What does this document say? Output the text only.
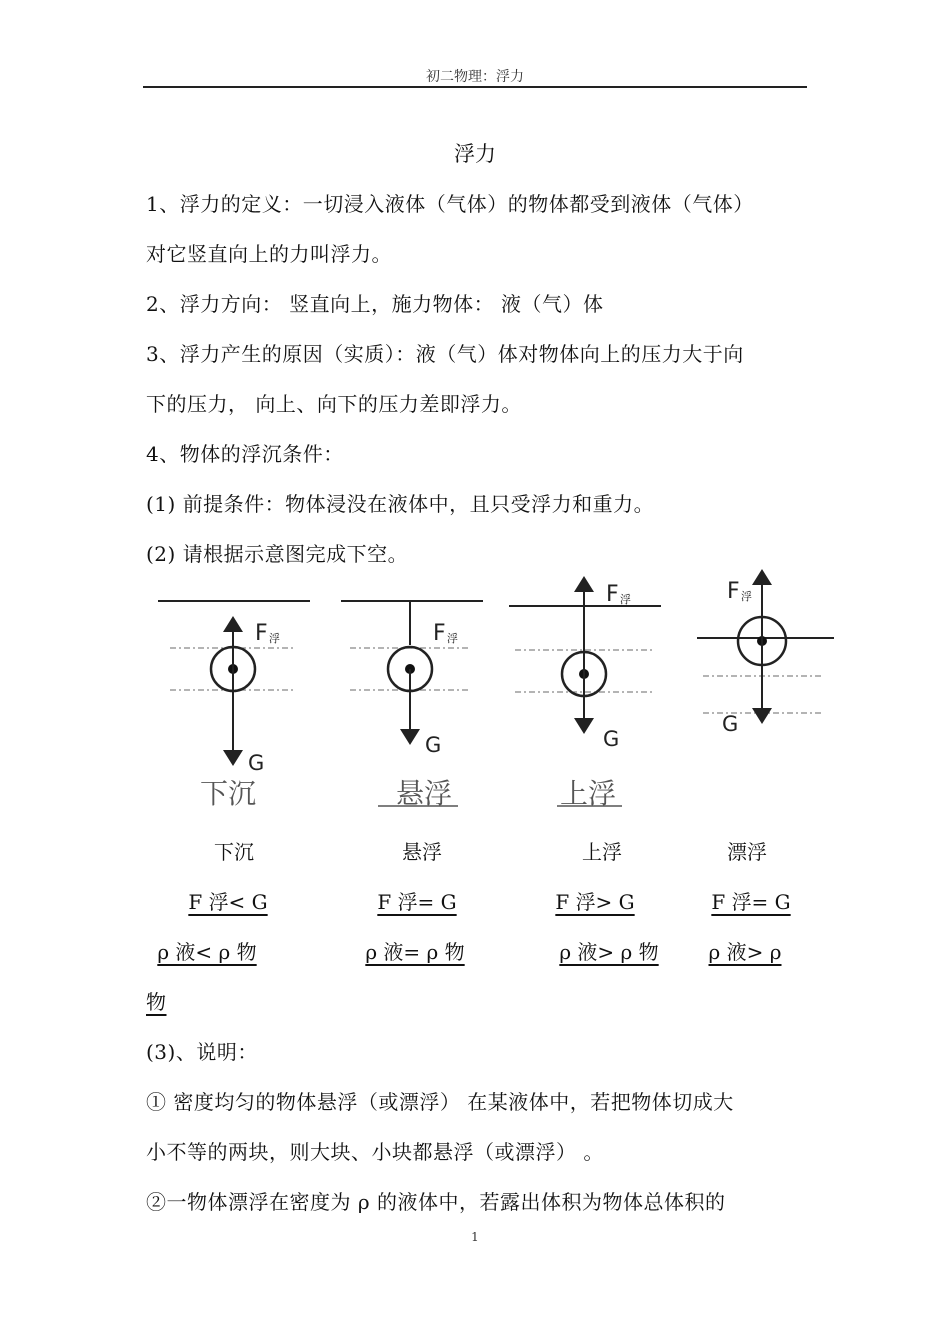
初二物理：浮力
浮力
1、浮力的定义：一切浸入液体（气体）的物体都受到液体（气体）
对它竖直向上的力叫浮力。
2、浮力方向： 竖直向上，施力物体： 液（气）体
3、浮力产生的原因（实质）：液（气）体对物体向上的压力大于向
下的压力， 向上、向下的压力差即浮力。
4、物体的浮沉条件：
(1) 前提条件：物体浸没在液体中，且只受浮力和重力。
(2) 请根据示意图完成下空。
F 浮
G
下沉
F 浮
G
悬浮
F 浮
G
上浮
F 浮
G
下沉	悬浮	上浮	漂浮
F 浮< G	F 浮= G	F 浮> G	F 浮= G
ρ 液< ρ 物	ρ 液= ρ 物	ρ 液> ρ 物	ρ 液> ρ
物
(3)、说明：
① 密度均匀的物体悬浮（或漂浮） 在某液体中，若把物体切成大
小不等的两块，则大块、小块都悬浮（或漂浮） 。
②一物体漂浮在密度为 ρ 的液体中，若露出体积为物体总体积的
1
